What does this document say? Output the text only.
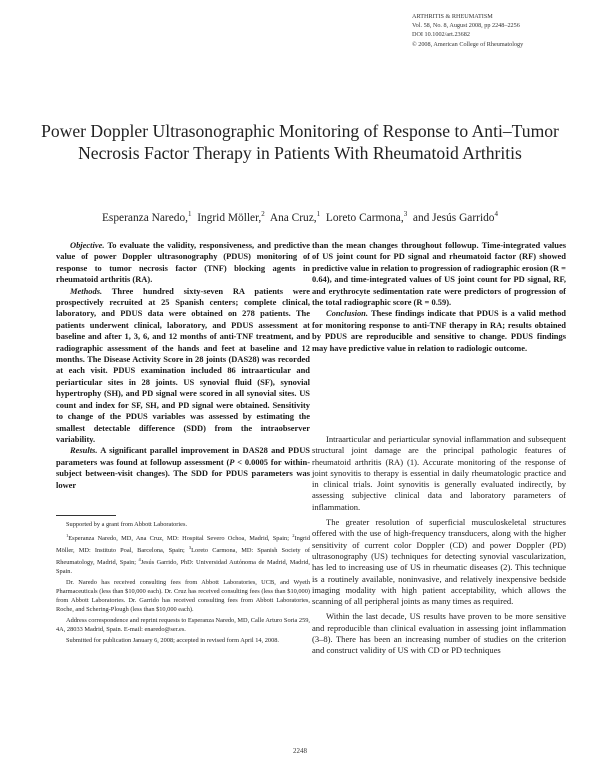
ARTHRITIS & RHEUMATISM
Vol. 58, No. 8, August 2008, pp 2248–2256
DOI 10.1002/art.23682
© 2008, American College of Rheumatology
Power Doppler Ultrasonographic Monitoring of Response to Anti–Tumor Necrosis Factor Therapy in Patients With Rheumatoid Arthritis
Esperanza Naredo,$^1$ Ingrid Möller,$^2$ Ana Cruz,$^1$ Loreto Carmona,$^3$ and Jesús Garrido$^4$

Objective. To evaluate the validity, responsiveness, and predictive value of power Doppler ultrasonography (PDUS) monitoring of response to tumor necrosis factor (TNF) blocking agents in rheumatoid arthritis (RA).

Methods. Three hundred sixty-seven RA patients were prospectively recruited at 25 Spanish centers; complete clinical, laboratory, and PDUS data were obtained on 278 patients. The patients underwent clinical, laboratory, and PDUS assessment at baseline and after 1, 3, 6, and 12 months of anti-TNF treatment, and radiographic assessment of the hands and feet at baseline and 12 months. The Disease Activity Score in 28 joints (DAS28) was recorded at each visit. PDUS examination included 86 intraarticular and periarticular sites in 28 joints. US synovial fluid (SF), synovial hypertrophy (SH), and PD signal were scored in all synovial sites. US count and index for SF, SH, and PD signal were obtained. Sensitivity to change of the PDUS variables was assessed by estimating the smallest detectable difference (SDD) from the intraobserver variability.

Results. A significant parallel improvement in DAS28 and PDUS parameters was found at followup assessment (P < 0.0005 for within-subject between-visit changes). The SDD for PDUS parameters was lower

than the mean changes throughout followup. Time-integrated values of US joint count for PD signal and rheumatoid factor (RF) showed predictive value in relation to progression of radiographic erosion (R = 0.64), and time-integrated values of US joint count for PD signal, RF, and erythrocyte sedimentation rate were predictors of progression of the total radiographic score (R = 0.59).

Conclusion. These findings indicate that PDUS is a valid method for monitoring response to anti-TNF therapy in RA; results obtained by PDUS are reproducible and sensitive to change. PDUS findings may have predictive value in relation to radiologic outcome.

Intraarticular and periarticular synovial inflammation and subsequent structural joint damage are the principal pathologic features of rheumatoid arthritis (RA) (1). Accurate monitoring of the response of joint synovitis to therapy is essential in daily rheumatologic practice and in clinical trials. Joint synovitis is generally evaluated indirectly, by assessing subjective clinical data and laboratory parameters of inflammation.

The greater resolution of superficial musculoskeletal structures offered with the use of high-frequency transducers, along with the higher sensitivity of current color Doppler (CD) and power Doppler (PD) ultrasonography (US) techniques for detecting synovial vascularization, has led to increasing use of US in rheumatic diseases (2). This technique is a routinely available, noninvasive, and relatively inexpensive bedside imaging modality with high patient acceptability, which allows the scanning of all peripheral joints as many times as required.

Within the last decade, US results have proven to be more sensitive and reproducible than clinical evaluation in assessing joint inflammation (3–8). There has been an increasing number of studies on the criterion and construct validity of US with CD or PD techniques

Supported by a grant from Abbott Laboratories.

$^1$Esperanza Naredo, MD, Ana Cruz, MD: Hospital Severo Ochoa, Madrid, Spain; $^2$Ingrid Möller, MD: Instituto Poal, Barcelona, Spain; $^3$Loreto Carmona, MD: Spanish Society of Rheumatology, Madrid, Spain; $^4$Jesús Garrido, PhD: Universidad Autónoma de Madrid, Madrid, Spain.

Dr. Naredo has received consulting fees from Abbott Laboratories, UCB, and Wyeth Pharmaceuticals (less than $10,000 each). Dr. Cruz has received consulting fees (less than $10,000) from Abbott Laboratories. Dr. Garrido has received consulting fees from Abbott Laboratories, Roche, and Schering-Plough (less than $10,000 each).

Address correspondence and reprint requests to Esperanza Naredo, MD, Calle Arturo Soria 259, 4A, 28033 Madrid, Spain. E-mail: enaredo@ser.es.

Submitted for publication January 6, 2008; accepted in revised form April 14, 2008.

2248
